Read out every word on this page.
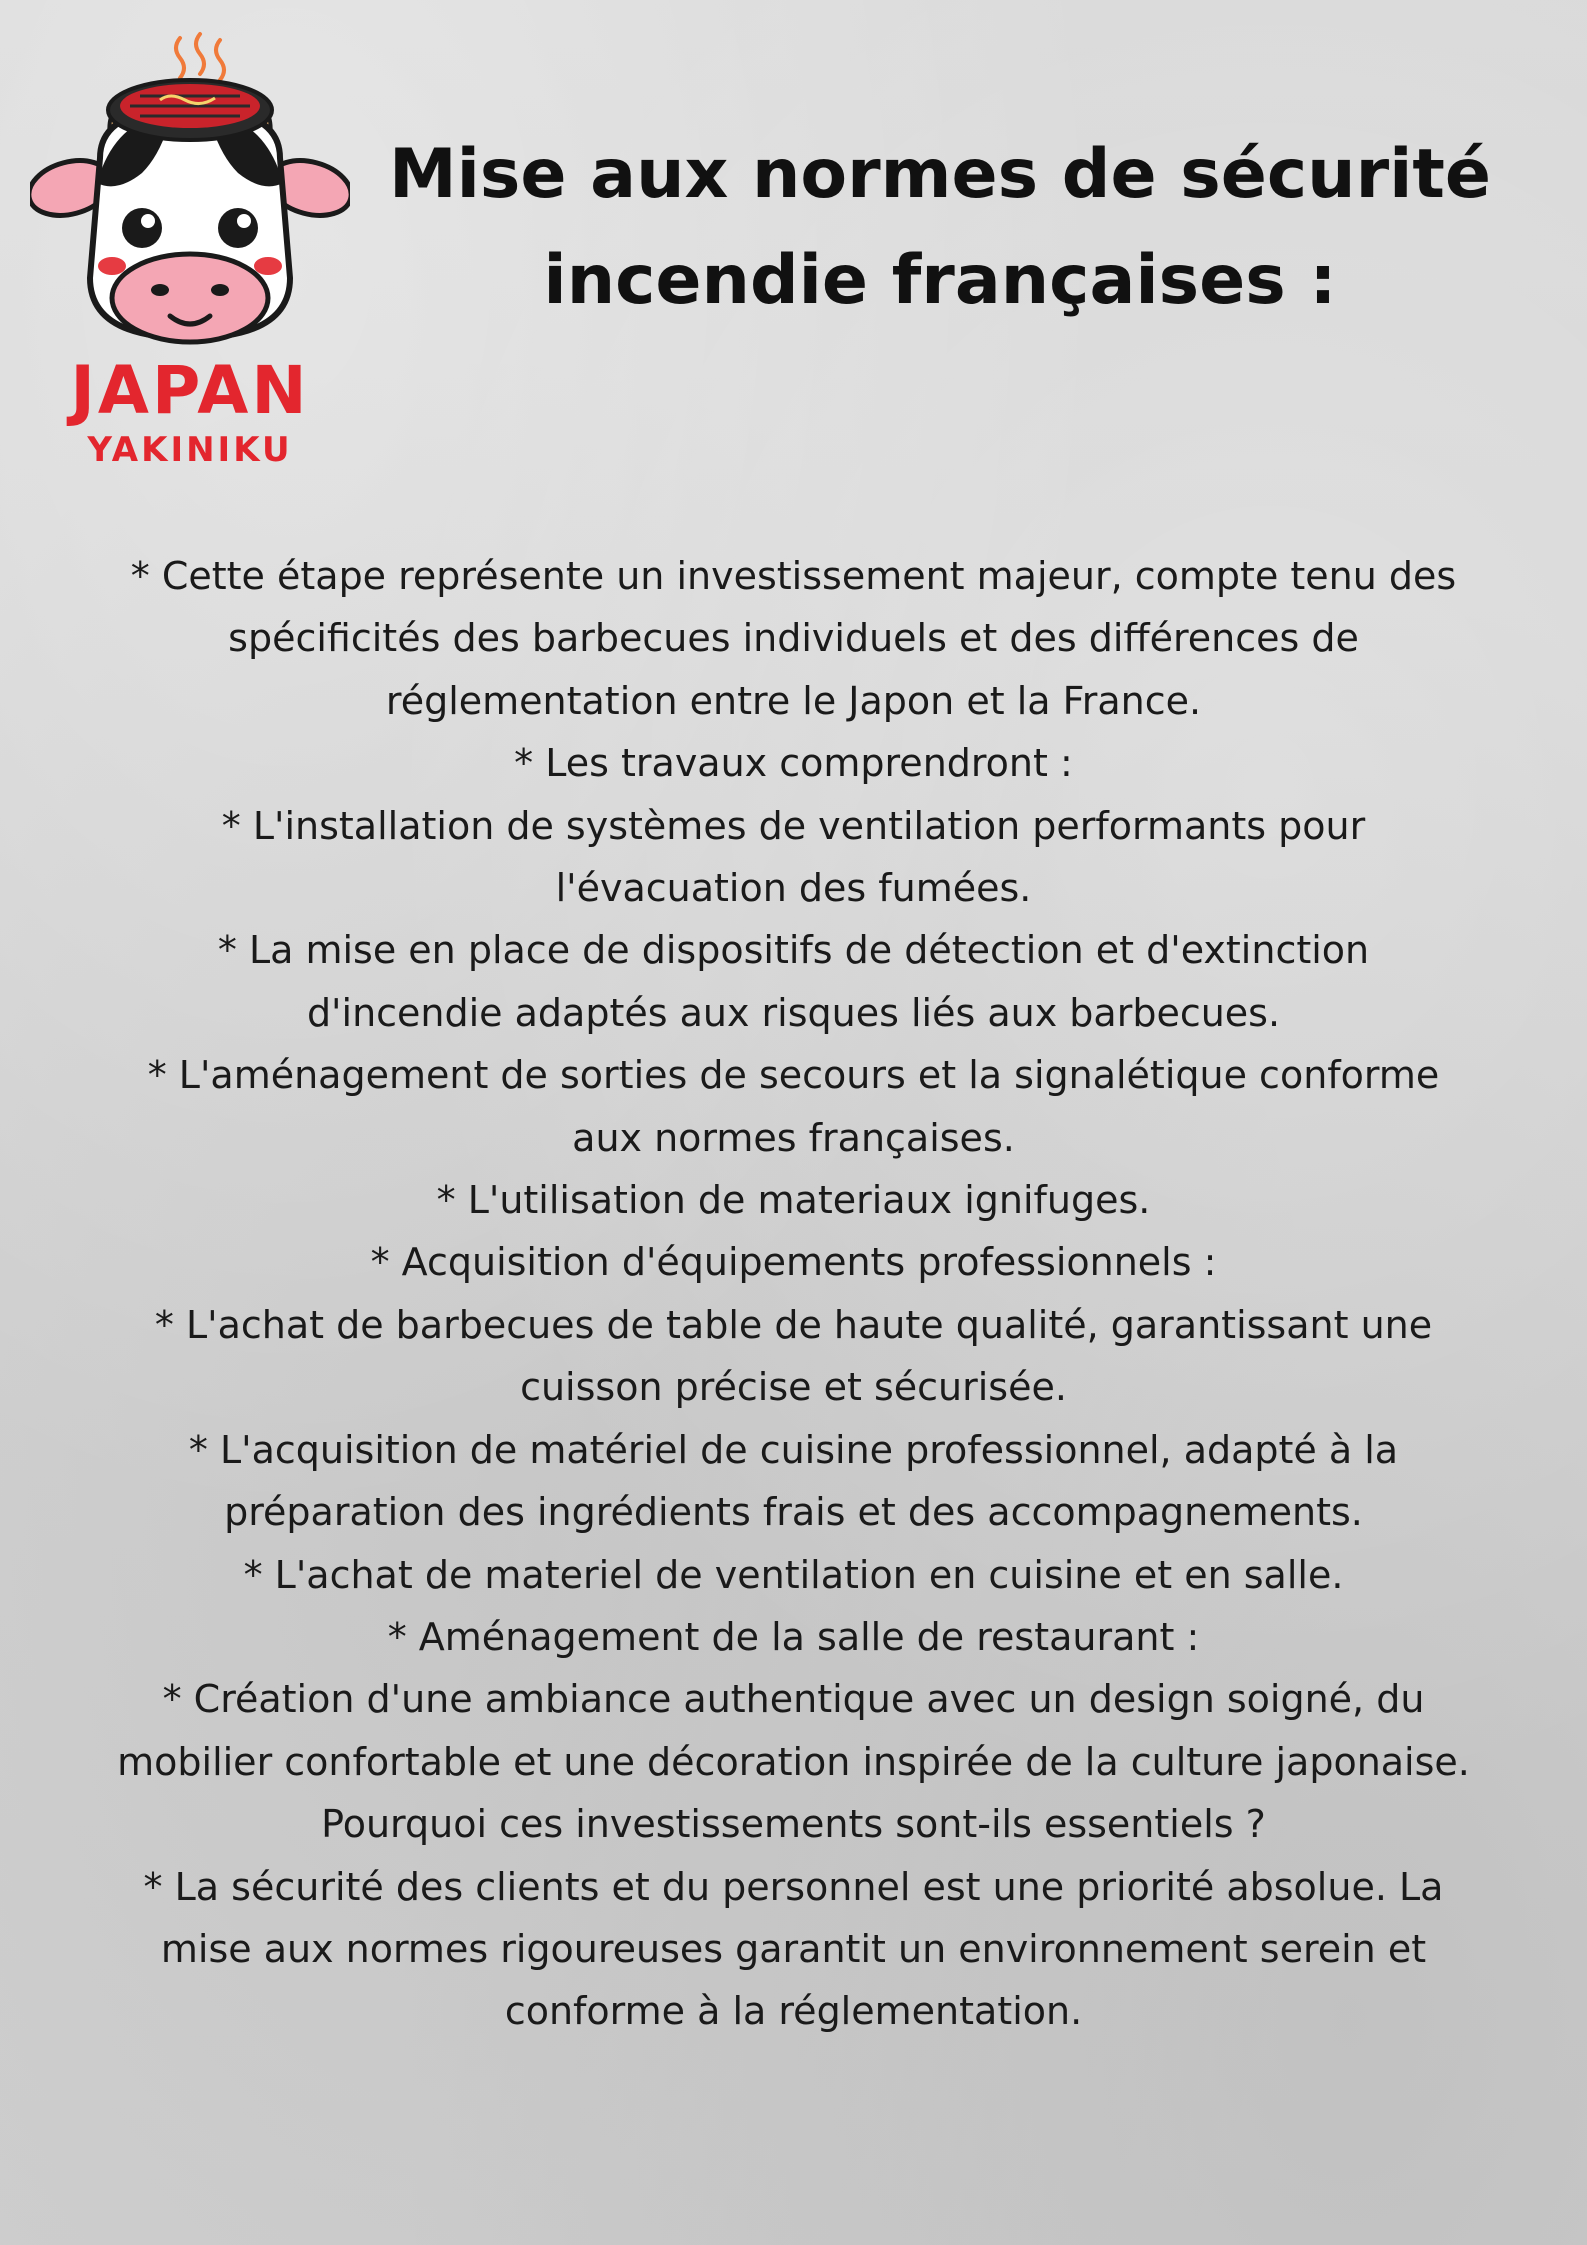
JAPAN

YAKINIKU

Mise aux normes de sécurité
incendie françaises :
* Cette étape représente un investissement majeur, compte tenu des
spécificités des barbecues individuels et des différences de
réglementation entre le Japon et la France.
* Les travaux comprendront :
* L'installation de systèmes de ventilation performants pour
l'évacuation des fumées.
* La mise en place de dispositifs de détection et d'extinction
d'incendie adaptés aux risques liés aux barbecues.
* L'aménagement de sorties de secours et la signalétique conforme
aux normes françaises.
* L'utilisation de materiaux ignifuges.
* Acquisition d'équipements professionnels :
* L'achat de barbecues de table de haute qualité, garantissant une
cuisson précise et sécurisée.
* L'acquisition de matériel de cuisine professionnel, adapté à la
préparation des ingrédients frais et des accompagnements.
* L'achat de materiel de ventilation en cuisine et en salle.
* Aménagement de la salle de restaurant :
* Création d'une ambiance authentique avec un design soigné, du
mobilier confortable et une décoration inspirée de la culture japonaise.
Pourquoi ces investissements sont-ils essentiels ?
* La sécurité des clients et du personnel est une priorité absolue. La
mise aux normes rigoureuses garantit un environnement serein et
conforme à la réglementation.
